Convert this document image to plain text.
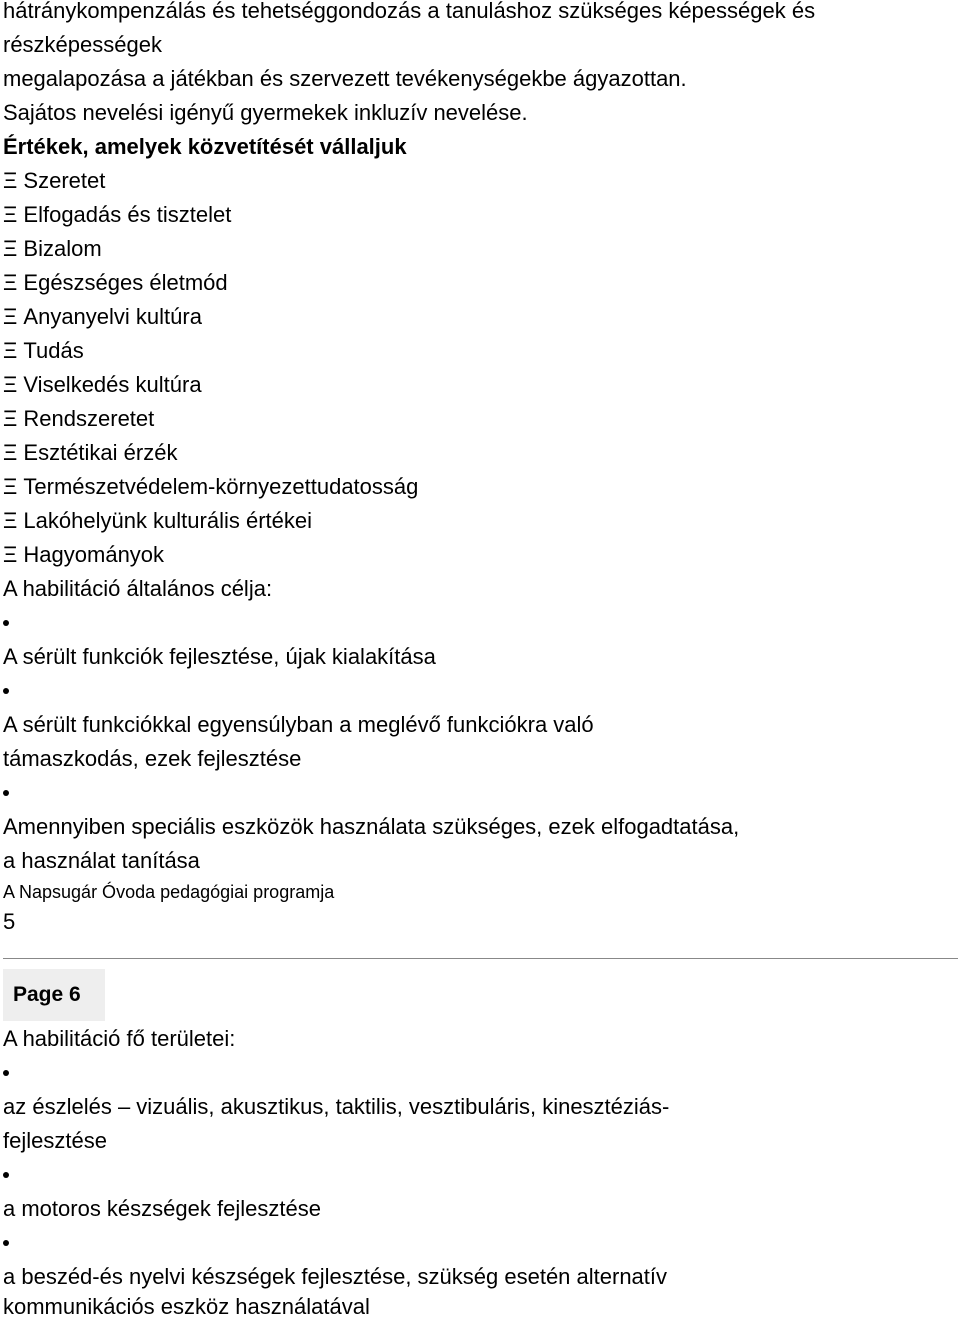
hátránykompenzálás és tehetséggondozás a tanuláshoz szükséges képességek és
részképességek
megalapozása a játékban és szervezett tevékenységekbe ágyazottan.
Sajátos nevelési igényű gyermekek inkluzív nevelése.
Értékek, amelyek közvetítését vállaljuk
Ξ Szeretet
Ξ Elfogadás és tisztelet
Ξ Bizalom
Ξ Egészséges életmód
Ξ Anyanyelvi kultúra
Ξ Tudás
Ξ Viselkedés kultúra
Ξ Rendszeretet
Ξ Esztétikai érzék
Ξ Természetvédelem-környezettudatosság
Ξ Lakóhelyünk kulturális értékei
Ξ Hagyományok
A habilitáció általános célja:
A sérült funkciók fejlesztése, újak kialakítása
A sérült funkciókkal egyensúlyban a meglévő funkciókra való
támaszkodás, ezek fejlesztése
Amennyiben speciális eszközök használata szükséges, ezek elfogadtatása,
a használat tanítása
A Napsugár Óvoda pedagógiai programja
5
Page 6
A habilitáció fő területei:
az észlelés – vizuális, akusztikus, taktilis, vesztibuláris, kinesztéziás-
fejlesztése
a motoros készségek fejlesztése
a beszéd-és nyelvi készségek fejlesztése, szükség esetén alternatív
kommunikációs eszköz használatával
